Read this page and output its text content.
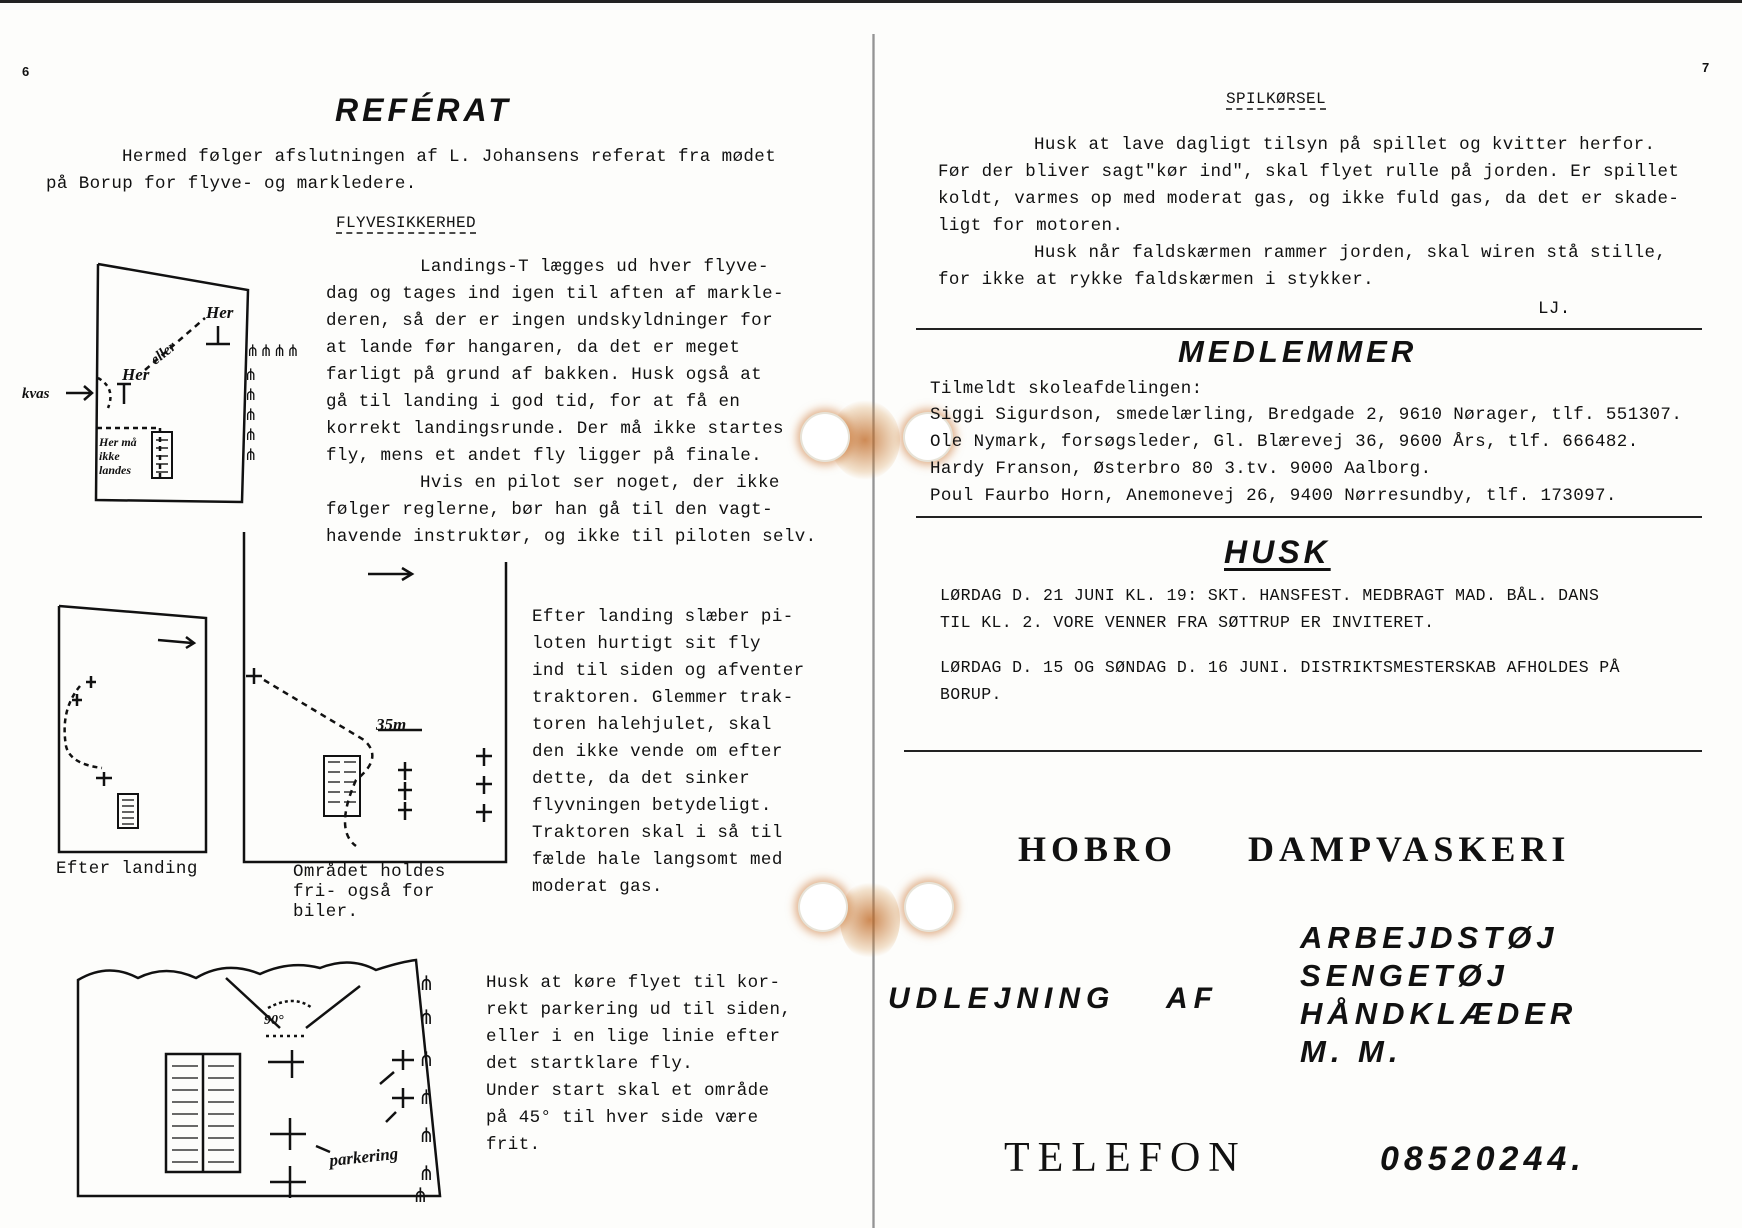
6
REFÉRAT
Hermed følger afslutningen af L. Johansens referat fra mødet
på Borup for flyve- og markledere.
FLYVESIKKERHED
Landings-T lægges ud hver flyve-
dag og tages ind igen til aften af markle-
deren, så der er ingen undskyldninger for
at lande før hangaren, da det er meget
farligt på grund af bakken. Husk også at
gå til landing i god tid, for at få en
korrekt landingsrunde. Der må ikke startes
fly, mens et andet fly ligger på finale.
Hvis en pilot ser noget, der ikke
følger reglerne, bør han gå til den vagt-
havende instruktør, og ikke til piloten selv.
Efter landing slæber pi-
loten hurtigt sit fly
ind til siden og afventer
traktoren. Glemmer trak-
toren halehjulet, skal
den ikke vende om efter
dette, da det sinker
flyvningen betydeligt.
Traktoren skal i så til
fælde hale langsomt med
moderat gas.
Husk at køre flyet til kor-
rekt parkering ud til siden,
eller i en lige linie efter
det startklare fly.
Under start skal et område
på 45° til hver side være
frit.
Her
eller
Her
kvas
Her må
ikke
landes
⋔⋔⋔⋔
⋔
⋔
⋔
⋔
⋔
Efter landing
35m
Området holdes
fri- også for
biler.
⋔
⋔
⋔
⋔
⋔
⋔
⋔
90°
parkering
7
SPILKØRSEL
Husk at lave dagligt tilsyn på spillet og kvitter herfor.
Før der bliver sagt"kør ind", skal flyet rulle på jorden. Er spillet
koldt, varmes op med moderat gas, og ikke fuld gas, da det er skade-
ligt for motoren.
Husk når faldskærmen rammer jorden, skal wiren stå stille,
for ikke at rykke faldskærmen i stykker.
LJ.
MEDLEMMER
Tilmeldt skoleafdelingen:
Siggi Sigurdson, smedelærling, Bredgade 2, 9610 Nørager, tlf. 551307.
Ole Nymark, forsøgsleder, Gl. Blærevej 36, 9600 Års, tlf. 666482.
Hardy Franson, Østerbro 80 3.tv. 9000 Aalborg.
Poul Faurbo Horn, Anemonevej 26, 9400 Nørresundby, tlf. 173097.
HUSK
LØRDAG D. 21 JUNI KL. 19: SKT. HANSFEST. MEDBRAGT MAD. BÅL. DANS
TIL KL. 2. VORE VENNER FRA SØTTRUP ER INVITERET.
LØRDAG D. 15 OG SØNDAG D. 16 JUNI. DISTRIKTSMESTERSKAB AFHOLDES PÅ
BORUP.
HOBRO DAMPVASKERI
UDLEJNING AF
ARBEJDSTØJ
SENGETØJ
HÅNDKLÆDER
M. M.
TELEFON	08520244.
